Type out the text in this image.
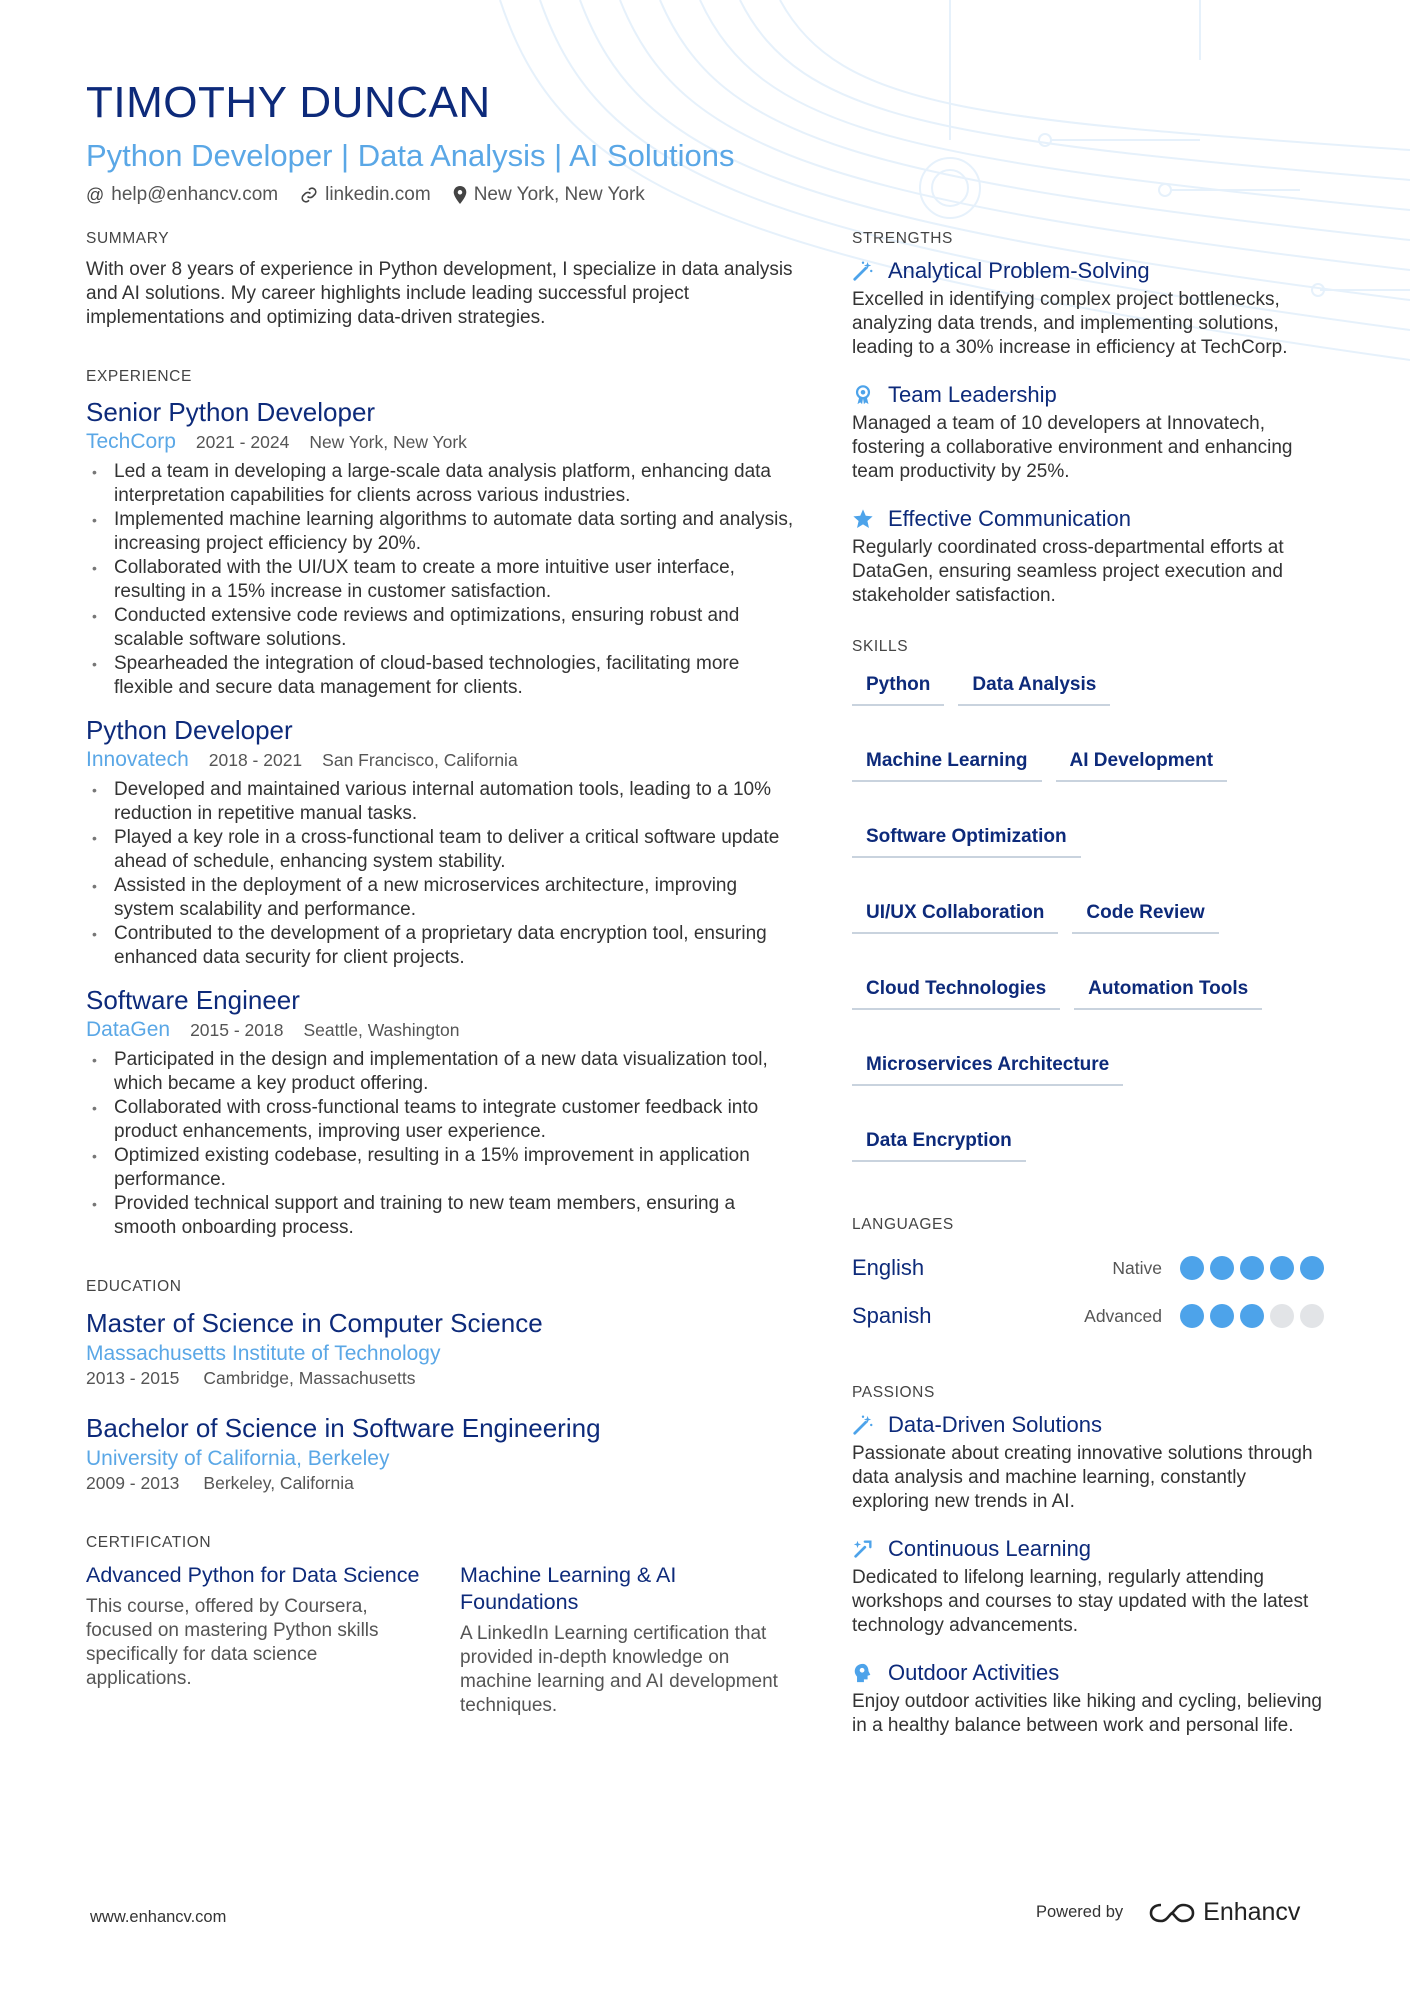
TIMOTHY DUNCAN
Python Developer | Data Analysis | AI Solutions
@ help@enhancv.com linkedin.com New York, New York
SUMMARY

With over 8 years of experience in Python development, I specialize in data analysis and AI solutions. My career highlights include leading successful project implementations and optimizing data-driven strategies.

EXPERIENCE
Senior Python Developer
TechCorp 2021 - 2024 New York, New York
• Led a team in developing a large-scale data analysis platform, enhancing data interpretation capabilities for clients across various industries.
• Implemented machine learning algorithms to automate data sorting and analysis, increasing project efficiency by 20%.
• Collaborated with the UI/UX team to create a more intuitive user interface, resulting in a 15% increase in customer satisfaction.
• Conducted extensive code reviews and optimizations, ensuring robust and scalable software solutions.
• Spearheaded the integration of cloud-based technologies, facilitating more flexible and secure data management for clients.
Python Developer
Innovatech 2018 - 2021 San Francisco, California
• Developed and maintained various internal automation tools, leading to a 10% reduction in repetitive manual tasks.
• Played a key role in a cross-functional team to deliver a critical software update ahead of schedule, enhancing system stability.
• Assisted in the deployment of a new microservices architecture, improving system scalability and performance.
• Contributed to the development of a proprietary data encryption tool, ensuring enhanced data security for client projects.
Software Engineer
DataGen 2015 - 2018 Seattle, Washington
• Participated in the design and implementation of a new data visualization tool, which became a key product offering.
• Collaborated with cross-functional teams to integrate customer feedback into product enhancements, improving user experience.
• Optimized existing codebase, resulting in a 15% improvement in application performance.
• Provided technical support and training to new team members, ensuring a smooth onboarding process.
EDUCATION
Master of Science in Computer Science
Massachusetts Institute of Technology
2013 - 2015 Cambridge, Massachusetts
Bachelor of Science in Software Engineering
University of California, Berkeley
2009 - 2013 Berkeley, California
CERTIFICATION
Advanced Python for Data Science
This course, offered by Coursera, focused on mastering Python skills specifically for data science applications.
Machine Learning & AI Foundations
A LinkedIn Learning certification that provided in-depth knowledge on machine learning and AI development techniques.
STRENGTHS
Analytical Problem-Solving
Excelled in identifying complex project bottlenecks, analyzing data trends, and implementing solutions, leading to a 30% increase in efficiency at TechCorp.
Team Leadership
Managed a team of 10 developers at Innovatech, fostering a collaborative environment and enhancing team productivity by 25%.
Effective Communication
Regularly coordinated cross-departmental efforts at DataGen, ensuring seamless project execution and stakeholder satisfaction.
SKILLS
Python	Data Analysis
Machine Learning	AI Development
Software Optimization
UI/UX Collaboration	Code Review
Cloud Technologies	Automation Tools
Microservices Architecture
Data Encryption
LANGUAGES
English	Native
Spanish	Advanced
PASSIONS
Data-Driven Solutions
Passionate about creating innovative solutions through data analysis and machine learning, constantly exploring new trends in AI.
Continuous Learning
Dedicated to lifelong learning, regularly attending workshops and courses to stay updated with the latest technology advancements.
Outdoor Activities
Enjoy outdoor activities like hiking and cycling, believing in a healthy balance between work and personal life.
www.enhancv.com	Powered by	Enhancv
